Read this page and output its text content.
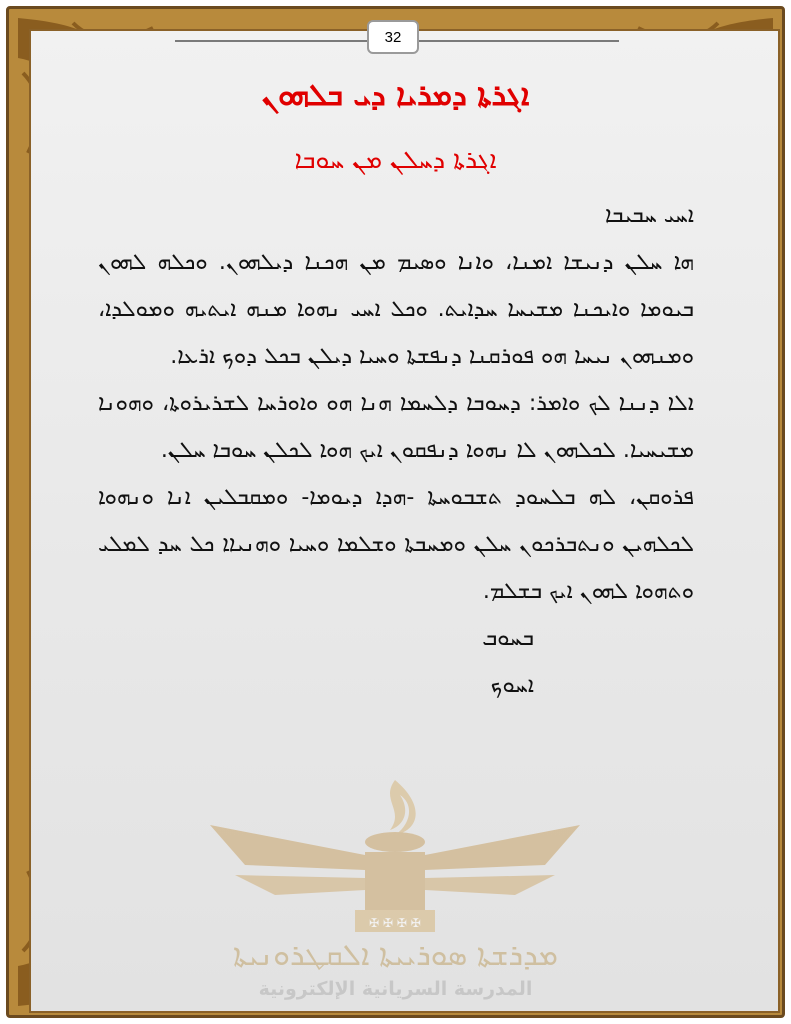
32
ܐܓܪܬܐ ܕܡܪܝܐ ܕܝ ܒܠܗܘܢ
ܐܓܪܬܐ ܕܚܠܢ ܡܢ ܚܘܒܐ
✠ ✠ ✠ ✠
ܐܚܝ ܚܒܝܒܐ
ܗܐ ܚܠܢ ܕܢܝܫܐ ܐܡܢܐ، ܘܐܢܐ ܘܣܝܡ ܡܢ ܗܟܢܐ ܕܝܠܗܘܢ. ܘܟܠܗ ܠܗܘܢ ܒܝܘܡܐ ܘܐܝܟܢܐ ܡܫܝܚܐ ܚܕܐܝܬ. ܘܟܠ ܐܚܝ ܢܗܘܐ ܡܢܗ ܐܝܬܝܗ ܘܡܘܠܕܐ، ܘܡܢܗܘܢ ܢܝܚܐ ܗܘ ܦܘܪܩܢܐ ܕܢܦܫܬܐ ܘܚܝܐ ܕܝܠܢ ܒܟܠ ܕܘܟ ܐܪܥܐ.
ܐܠܐ ܕܢܢܐ ܠܟ ܘܐܡܪ: ܕܚܘܒܐ ܕܠܚܡܐ ܗܢܐ ܗܘ ܘܐܘܪܚܐ ܠܫܪܝܪܘܬܐ، ܘܗܘܢܐ ܡܫܝܚܝܐ. ܠܟܠܗܘܢ ܠܐ ܢܗܘܐ ܕܢܦܩܘܢ ܐܝܟ ܗܘܐ ܠܟܠܢ ܚܘܒܐ ܚܠܢ.
ܦܪܘܩܢ، ܠܗ ܒܠܚܘܕ ܬܫܒܘܚܬܐ -ܗܕܐ ܕܝܘܡܐ- ܘܡܩܒܠܝܢ ܐܢܐ ܘܢܗܘܐ ܠܟܠܗܝܢ ܘܢܬܒܪܟܘܢ ܚܠܢ ܘܡܚܒܬܐ ܘܫܠܡܐ ܘܚܝܐ ܘܗܢܝܐܐ ܟܠ ܚܕ ܠܡܠܝ ܘܬܗܘܐ ܠܗܘܢ ܐܝܟ ܒܫܠܡ.
ܒܚܘܒ
ܐܚܘܟ
ܡܕܪܫܬܐ ܣܘܪܝܝܬܐ ܐܠܩܛܪܘܢܝܬܐ
المدرسة السريانية الإلكترونية
